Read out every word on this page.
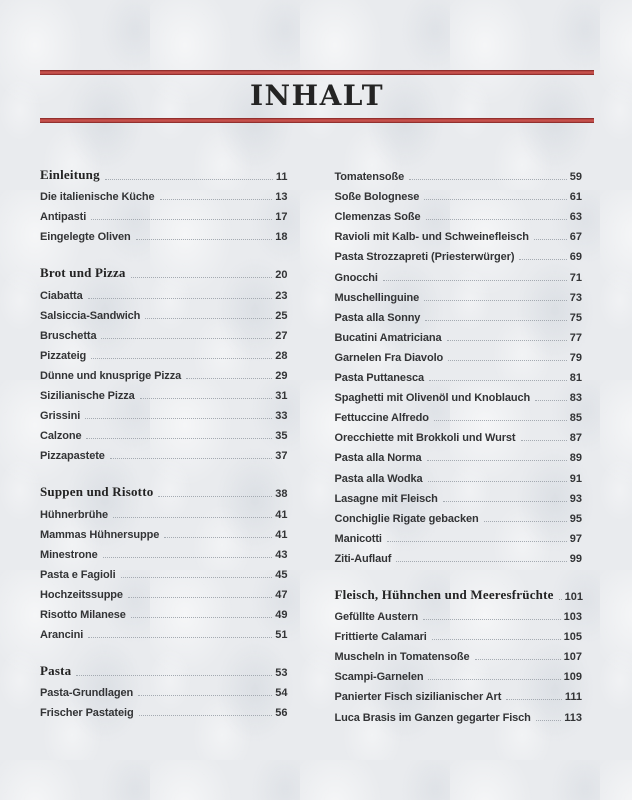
INHALT
Einleitung	11
Die italienische Küche	13
Antipasti	17
Eingelegte Oliven	18
Brot und Pizza	20
Ciabatta	23
Salsiccia-Sandwich	25
Bruschetta	27
Pizzateig	28
Dünne und knusprige Pizza	29
Sizilianische Pizza	31
Grissini	33
Calzone	35
Pizzapastete	37
Suppen und Risotto	38
Hühnerbrühe	41
Mammas Hühnersuppe	41
Minestrone	43
Pasta e Fagioli	45
Hochzeitssuppe	47
Risotto Milanese	49
Arancini	51
Pasta	53
Pasta-Grundlagen	54
Frischer Pastateig	56
Tomatensoße	59
Soße Bolognese	61
Clemenzas Soße	63
Ravioli mit Kalb- und Schweinefleisch	67
Pasta Strozzapreti (Priesterwürger)	69
Gnocchi	71
Muschellinguine	73
Pasta alla Sonny	75
Bucatini Amatriciana	77
Garnelen Fra Diavolo	79
Pasta Puttanesca	81
Spaghetti mit Olivenöl und Knoblauch	83
Fettuccine Alfredo	85
Orecchiette mit Brokkoli und Wurst	87
Pasta alla Norma	89
Pasta alla Wodka	91
Lasagne mit Fleisch	93
Conchiglie Rigate gebacken	95
Manicotti	97
Ziti-Auflauf	99
Fleisch, Hühnchen und Meeresfrüchte 101
Gefüllte Austern	103
Frittierte Calamari	105
Muscheln in Tomatensoße	107
Scampi-Garnelen	109
Panierter Fisch sizilianischer Art	111
Luca Brasis im Ganzen gegarter Fisch	113
